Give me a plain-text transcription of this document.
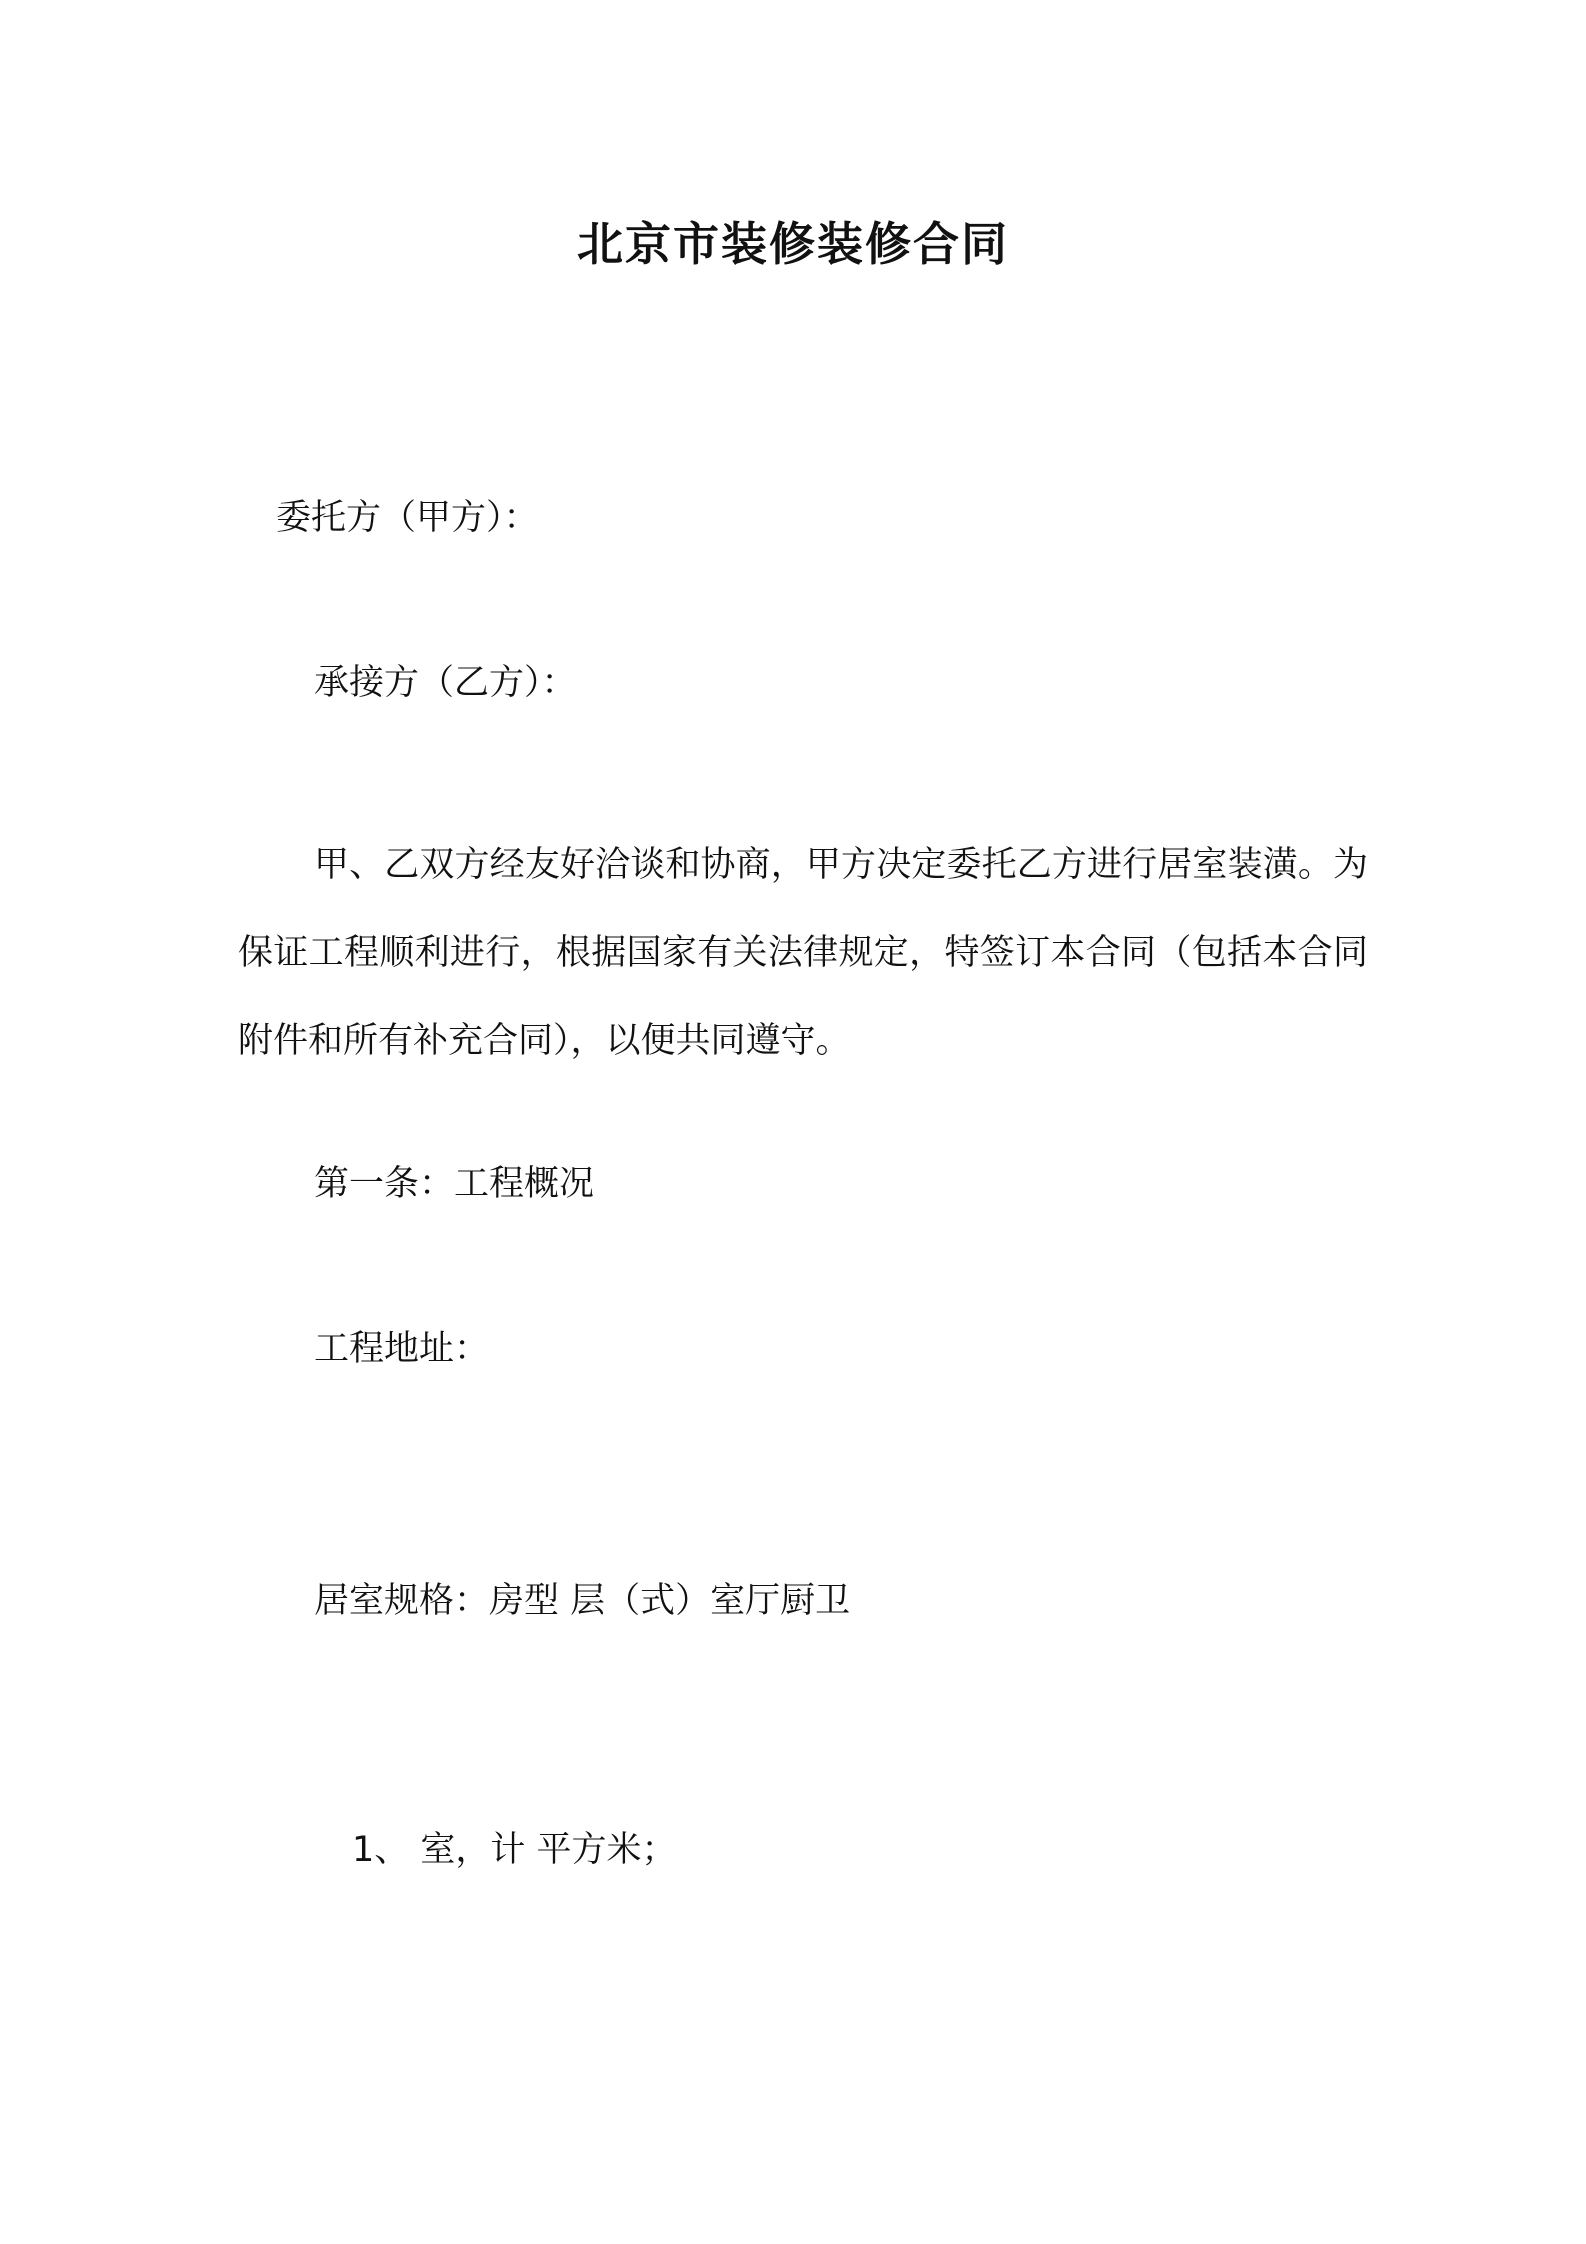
北京市装修装修合同
委托方（甲方）：
承接方（乙方）：
甲、乙双方经友好洽谈和协商，甲方决定委托乙方进行居室装潢。为保证工程顺利进行，根据国家有关法律规定，特签订本合同（包括本合同附件和所有补充合同），以便共同遵守。
第一条：工程概况
工程地址：
居室规格：房型 层（式）室厅厨卫
1、 室，计 平方米；
